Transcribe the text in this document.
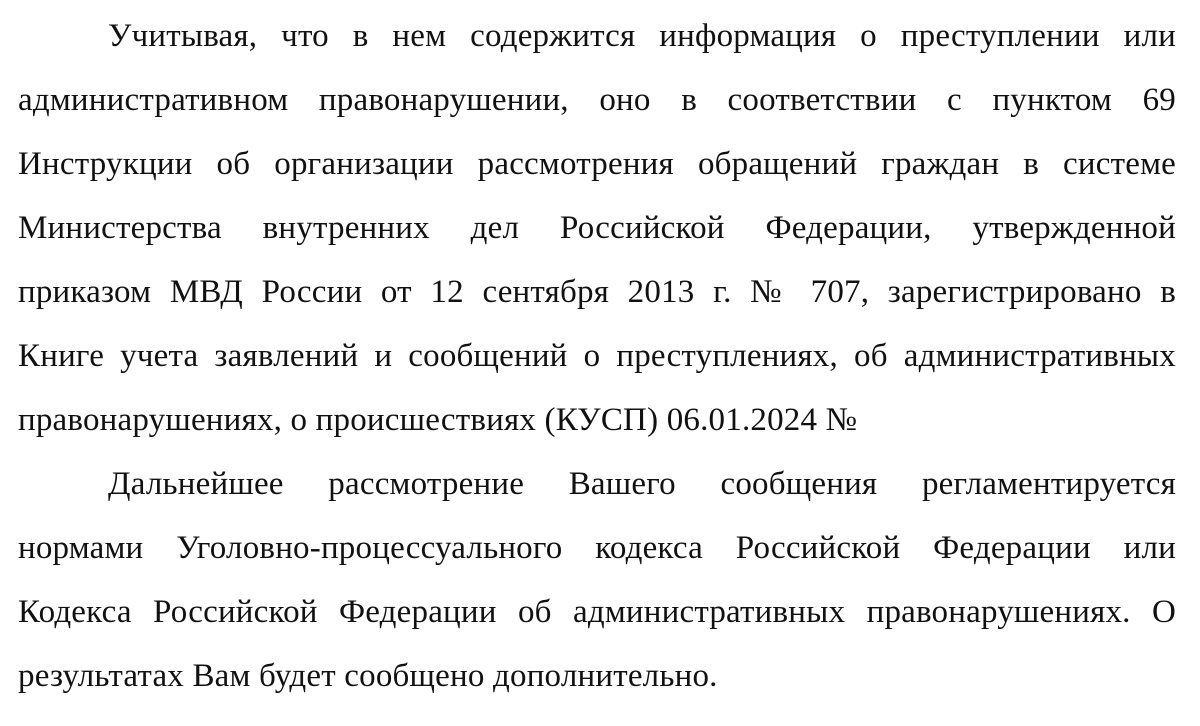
Учитывая, что в нем содержится информация о преступлении или
административном правонарушении, оно в соответствии с пунктом 69
Инструкции об организации рассмотрения обращений граждан в системе
Министерства внутренних дел Российской Федерации, утвержденной
приказом МВД России от 12 сентября 2013 г. № 707, зарегистрировано в
Книге учета заявлений и сообщений о преступлениях, об административных
правонарушениях, о происшествиях (КУСП) 06.01.2024 №
Дальнейшее рассмотрение Вашего сообщения регламентируется
нормами Уголовно-процессуального кодекса Российской Федерации или
Кодекса Российской Федерации об административных правонарушениях. О
результатах Вам будет сообщено дополнительно.
